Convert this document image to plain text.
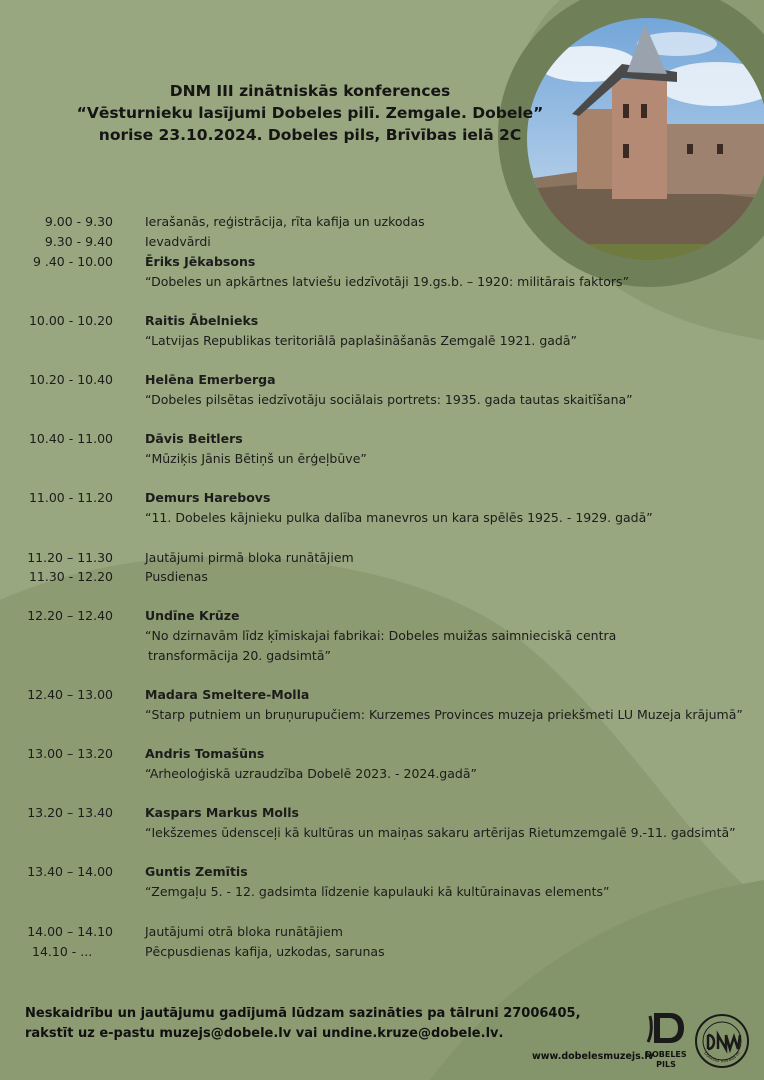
DNM III zinātniskās konferences
“Vēsturnieku lasījumi Dobeles pilī. Zemgale. Dobele”
norise 23.10.2024. Dobeles pils, Brīvības ielā 2C
9.00 - 9.30	Ierašanās, reģistrācija, rīta kafija un uzkodas
9.30 - 9.40	Ievadvārdi
9 .40 - 10.00	Ēriks Jēkabsons
“Dobeles un apkārtnes latviešu iedzīvotāji 19.gs.b. – 1920: militārais faktors”
10.00 - 10.20	Raitis Ābelnieks
“Latvijas Republikas teritoriālā paplašināšanās Zemgalē 1921. gadā”
10.20 - 10.40	Helēna Emerberga
“Dobeles pilsētas iedzīvotāju sociālais portrets: 1935. gada tautas skaitīšana”
10.40 - 11.00	Dāvis Beitlers
“Mūziķis Jānis Bētiņš un ērģeļbūve”
11.00 - 11.20	Demurs Harebovs
“11. Dobeles kājnieku pulka dalība manevros un kara spēlēs 1925. - 1929. gadā”
11.20 – 11.30	Jautājumi pirmā bloka runātājiem
11.30 - 12.20	Pusdienas
12.20 – 12.40	Undīne Krūze
“No dzirnavām līdz ķīmiskajai fabrikai: Dobeles muižas saimnieciskā centra
transformācija 20. gadsimtā”
12.40 – 13.00	Madara Smeltere-Molla
“Starp putniem un bruņurupučiem: Kurzemes Provinces muzeja priekšmeti LU Muzeja krājumā”
13.00 – 13.20	Andris Tomašūns
“Arheoloģiskā uzraudzība Dobelē 2023. - 2024.gadā”
13.20 – 13.40	Kaspars Markus Molls
“Iekšzemes ūdensceļi kā kultūras un maiņas sakaru artērijas Rietumzemgalē 9.-11. gadsimtā”
13.40 – 14.00	Guntis Zemītis
“Zemgaļu 5. - 12. gadsimta līdzenie kapulauki kā kultūrainavas elements”
14.00 – 14.10	Jautājumi otrā bloka runātājiem
14.10 - ...	Pēcpusdienas kafija, uzkodas, sarunas
Neskaidrību un jautājumu gadījumā lūdzam sazināties pa tālruni 27006405,
rakstīt uz e-pastu muzejs@dobele.lv vai undine.kruze@dobele.lv.
www.dobelesmuzejs.lv
DOBELES
PILS
Dobeles novada m
